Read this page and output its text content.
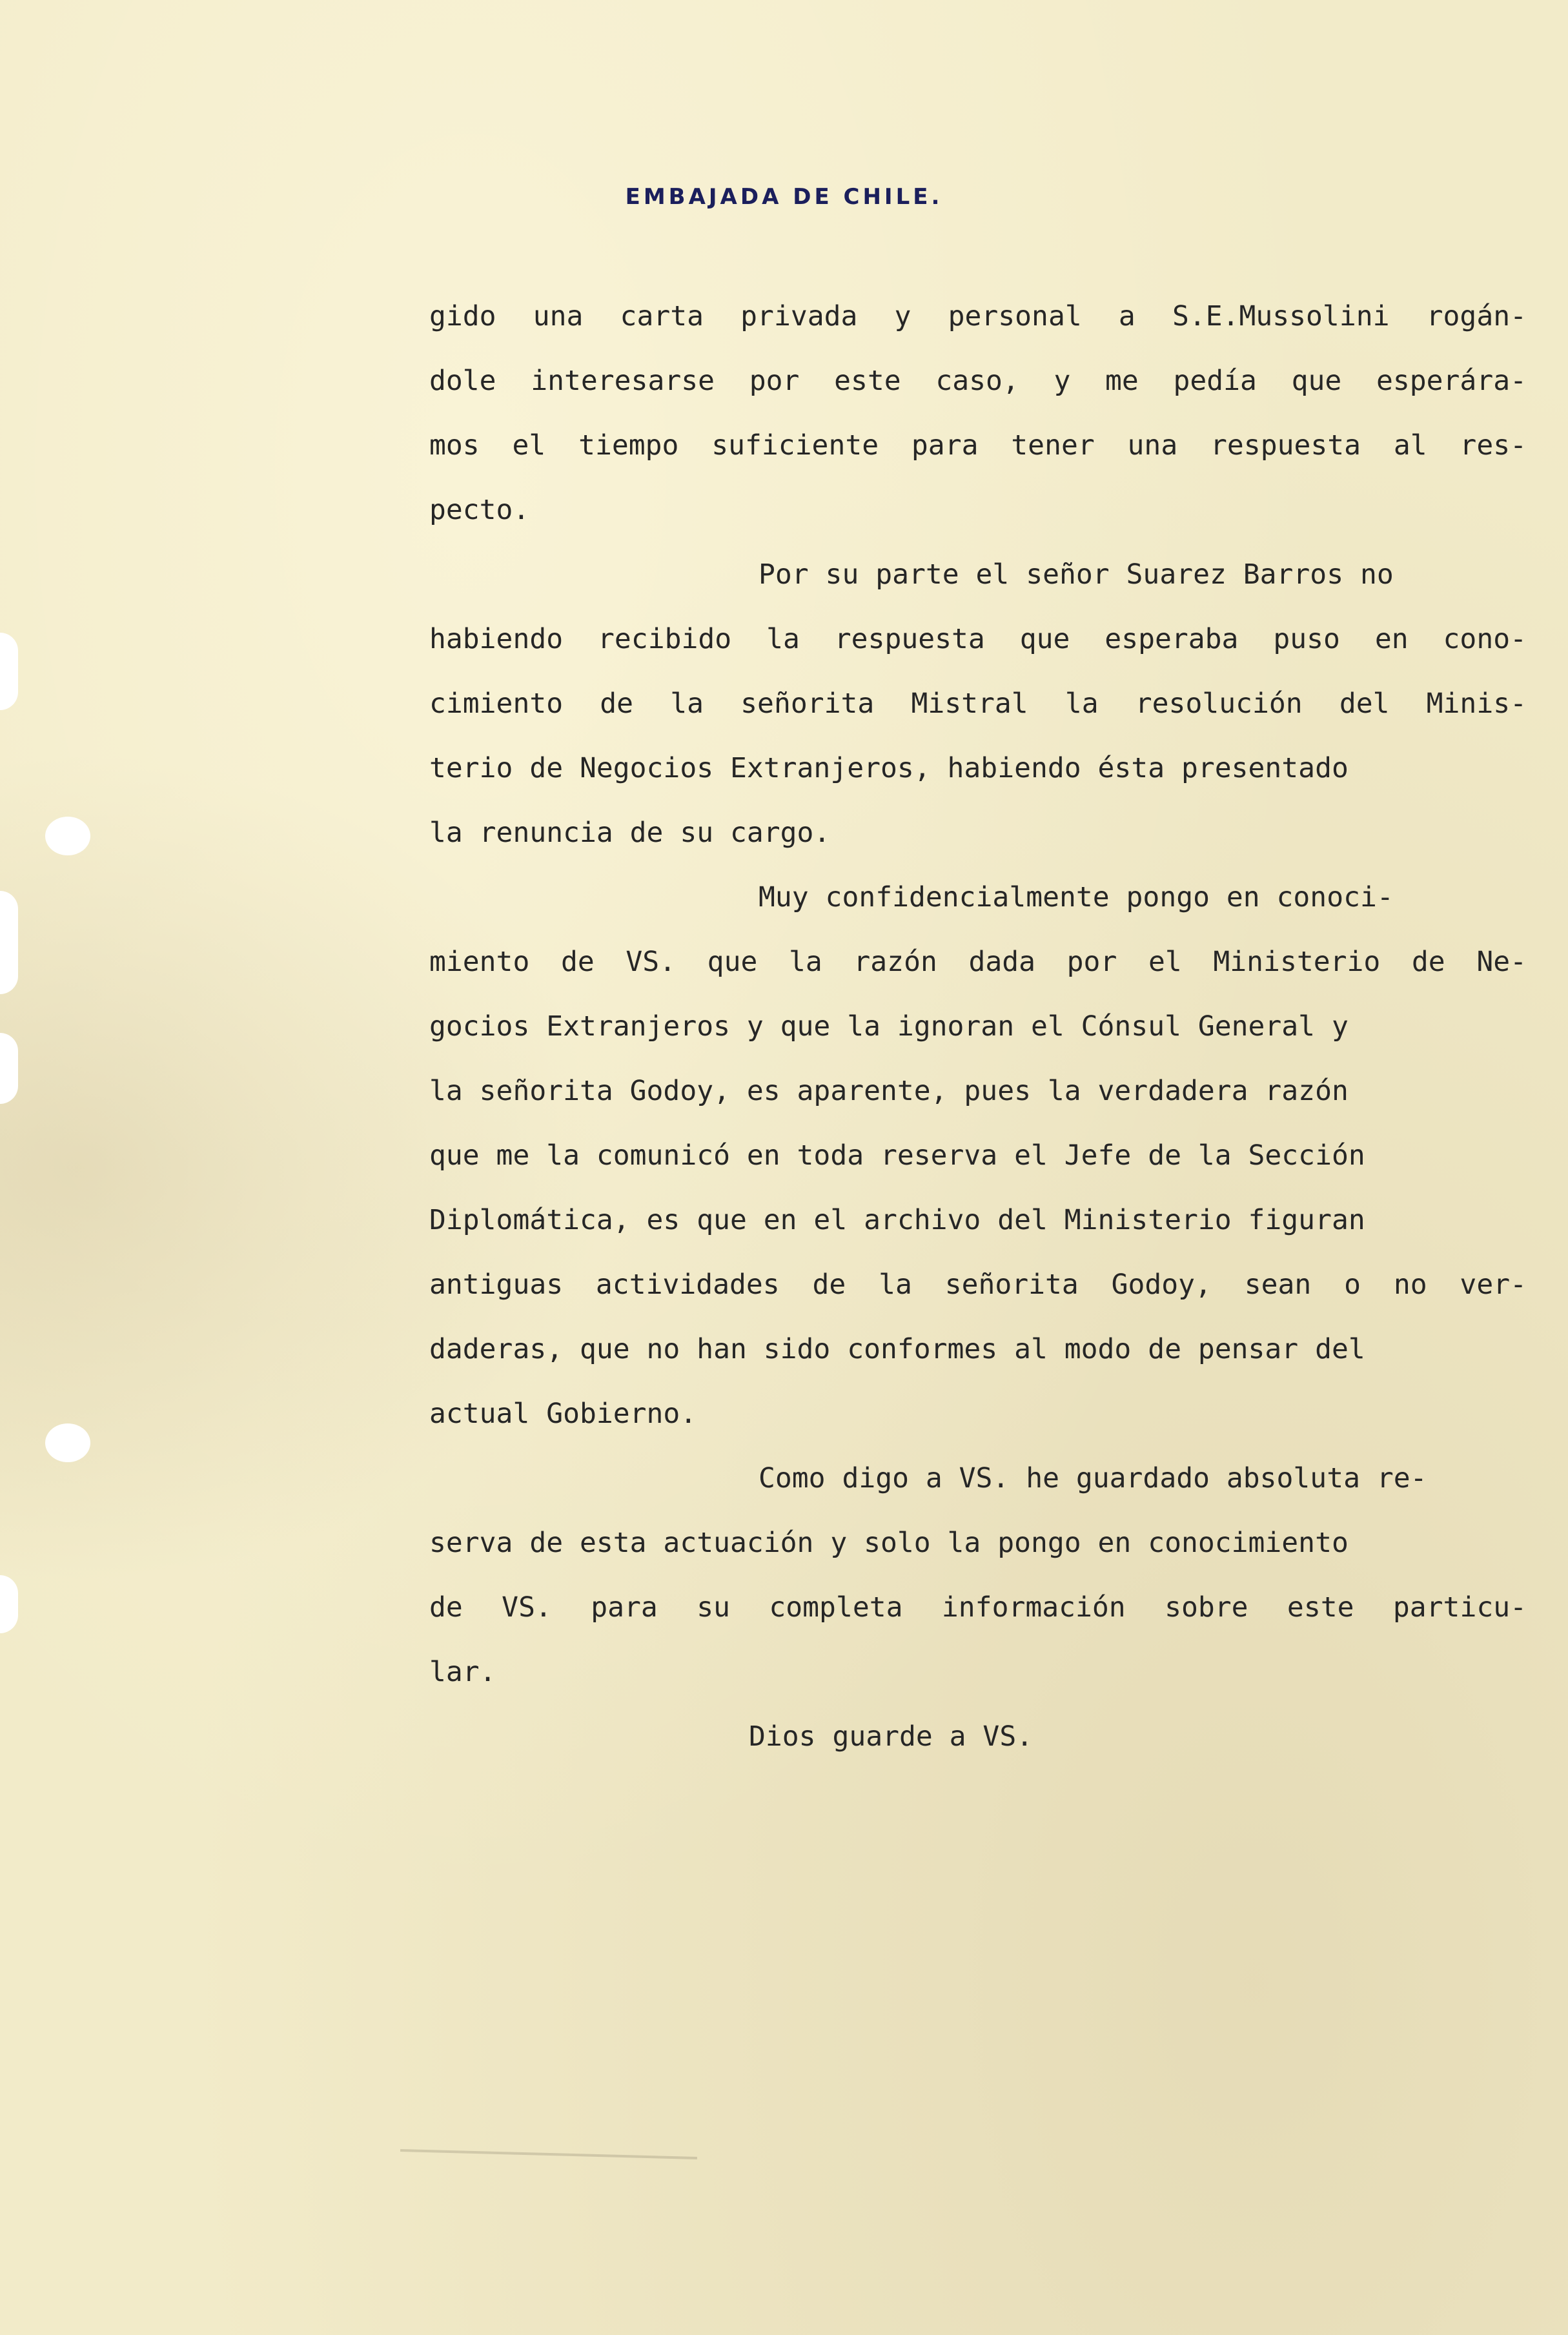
EMBAJADA DE CHILE.
gido una carta privada y personal a S.E.Mussolini rogán-
dole interesarse por este caso, y me pedía que esperára-
mos el tiempo suficiente para tener una respuesta al res-
pecto.
Por su parte el señor Suarez Barros no
habiendo recibido la respuesta que esperaba puso en cono-
cimiento de la señorita Mistral la resolución del Minis-
terio de Negocios Extranjeros, habiendo ésta presentado
la renuncia de su cargo.
Muy confidencialmente pongo en conoci-
miento de VS. que la razón dada por el Ministerio de Ne-
gocios Extranjeros y que la ignoran el Cónsul General y
la señorita Godoy, es aparente, pues la verdadera razón
que me la comunicó en toda reserva el Jefe de la Sección
Diplomática, es que en el archivo del Ministerio figuran
antiguas actividades de la señorita Godoy, sean o no ver-
daderas, que no han sido conformes al modo de pensar del
actual Gobierno.
Como digo a VS. he guardado absoluta re-
serva de esta actuación y solo la pongo en conocimiento
de VS. para su completa información sobre este particu-
lar.
Dios guarde a VS.
